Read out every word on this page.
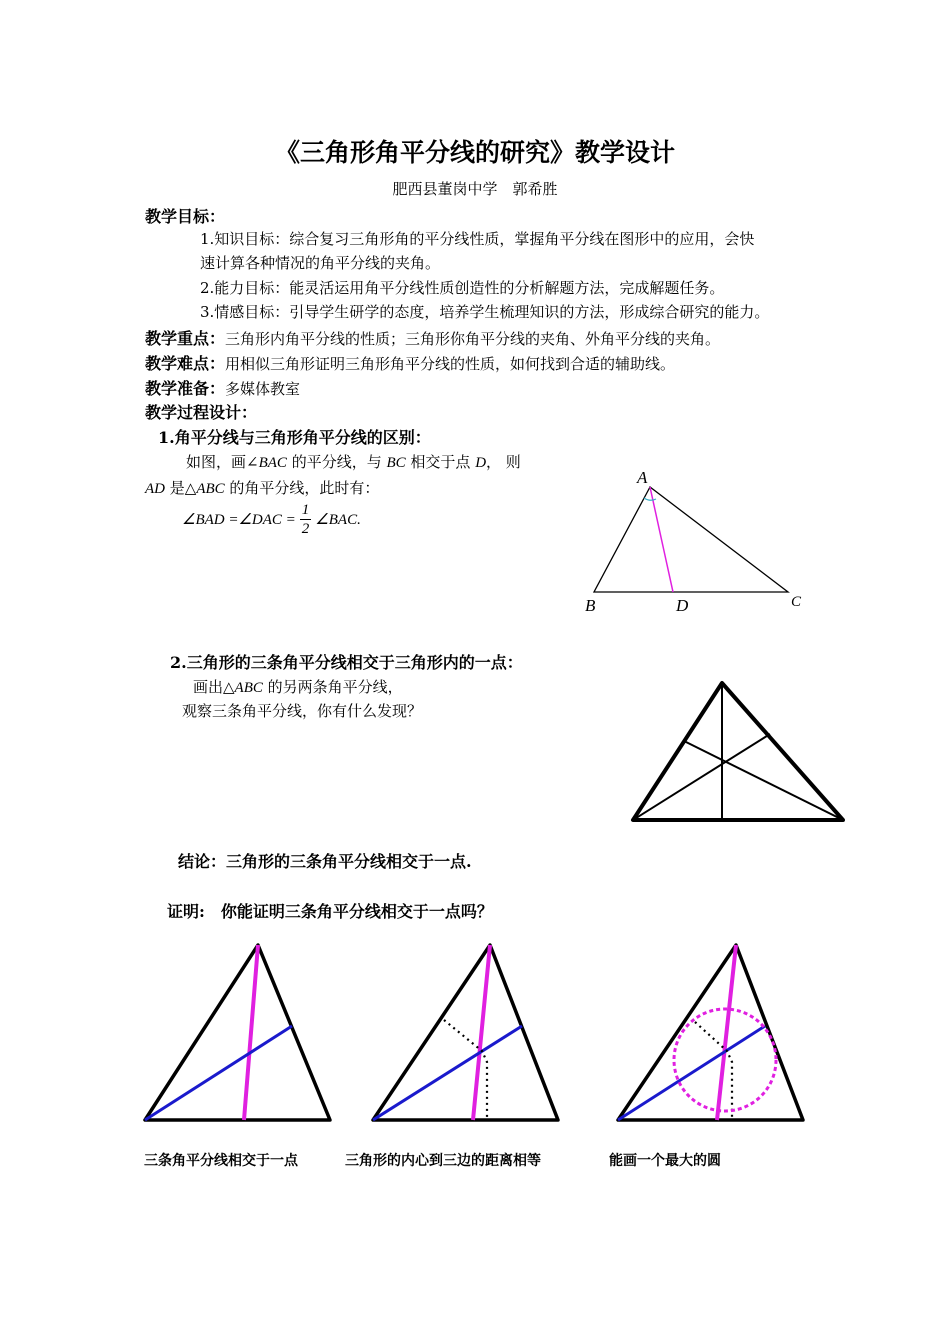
《三角形角平分线的研究》教学设计
肥西县董岗中学　郭希胜
教学目标：
1.知识目标：综合复习三角形角的平分线性质，掌握角平分线在图形中的应用，会快
速计算各种情况的角平分线的夹角。
2.能力目标：能灵活运用角平分线性质创造性的分析解题方法，完成解题任务。
3.情感目标：引导学生研学的态度，培养学生梳理知识的方法，形成综合研究的能力。
教学重点：三角形内角平分线的性质；三角形你角平分线的夹角、外角平分线的夹角。
教学难点：用相似三角形证明三角形角平分线的性质，如何找到合适的辅助线。
教学准备：多媒体教室
教学过程设计：
1.角平分线与三角形角平分线的区别：
如图，画∠BAC 的平分线，与 BC 相交于点 D， 则
AD 是△ABC 的角平分线，此时有：
∠BAD =∠DAC = $\frac{1}{2}$ ∠BAC.
A
B	D	C
2.三角形的三条角平分线相交于三角形内的一点：
画出△ABC 的另两条角平分线，
观察三条角平分线，你有什么发现？
结论：三角形的三条角平分线相交于一点.
证明:　你能证明三条角平分线相交于一点吗？
三条角平分线相交于一点	三角形的内心到三边的距离相等	能画一个最大的圆
